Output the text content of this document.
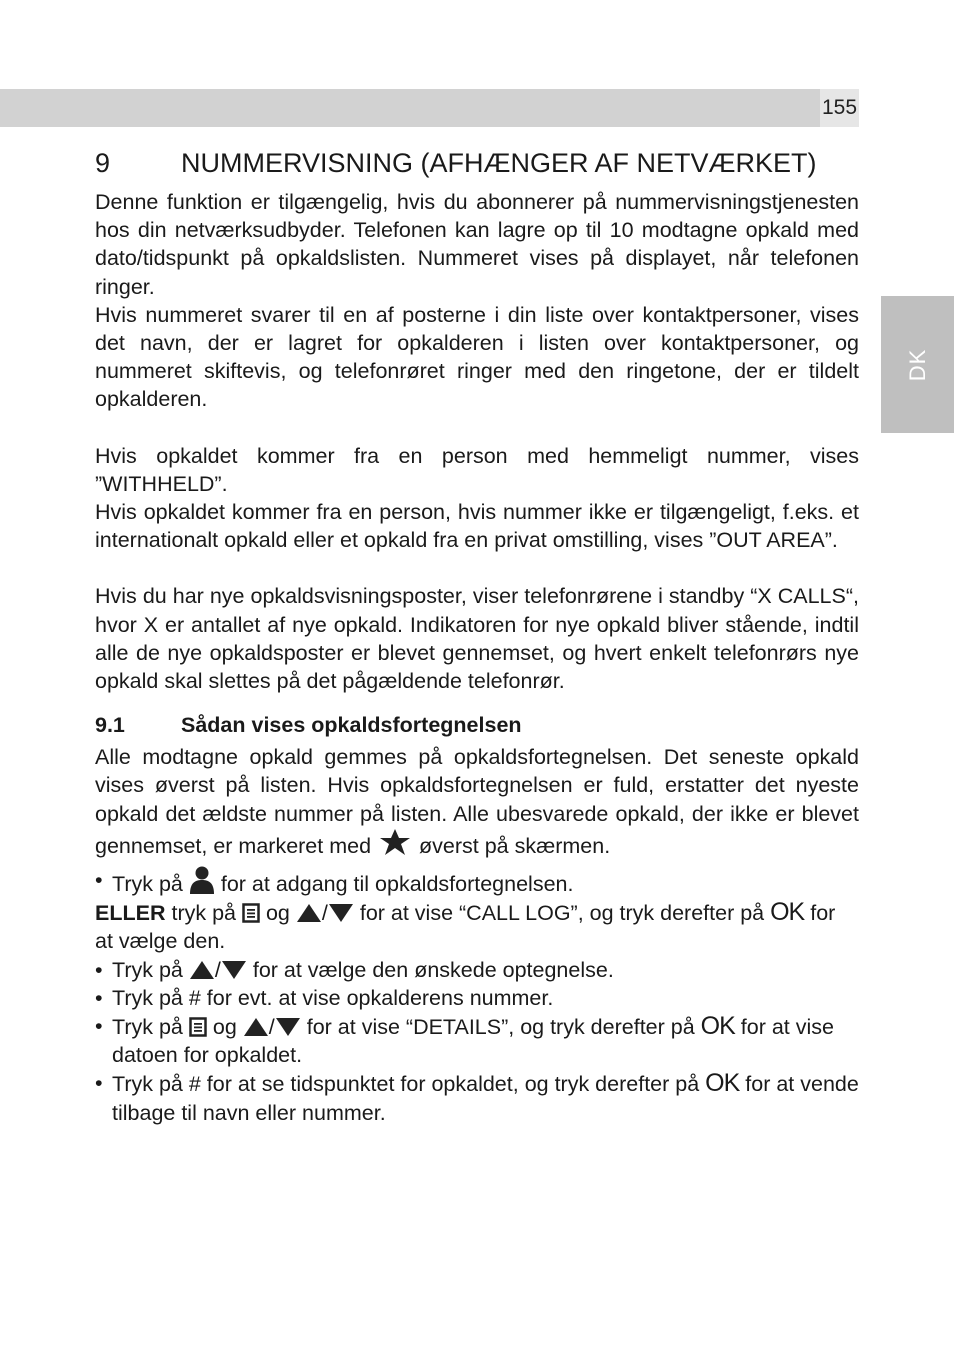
155
DK
9	NUMMERVISNING (AFHÆNGER AF NETVÆRKET)

Denne funktion er tilgængelig, hvis du abonnerer på nummervisningstjenesten hos din netværksudbyder. Telefonen kan lagre op til 10 modtagne opkald med dato/tidspunkt på opkaldslisten. Nummeret vises på displayet, når telefonen ringer.

Hvis nummeret svarer til en af posterne i din liste over kontaktpersoner, vises det navn, der er lagret for opkalderen i listen over kontaktpersoner, og nummeret skiftevis, og telefonrøret ringer med den ringetone, der er tildelt opkalderen.

Hvis opkaldet kommer fra en person med hemmeligt nummer, vises ”WITHHELD”.

Hvis opkaldet kommer fra en person, hvis nummer ikke er tilgængeligt, f.eks. et internationalt opkald eller et opkald fra en privat omstilling, vises ”OUT AREA”.

Hvis du har nye opkaldsvisningsposter, viser telefonrørene i standby “X CALLS“, hvor X er antallet af nye opkald. Indikatoren for nye opkald bliver stående, indtil alle de nye opkaldsposter er blevet gennemset, og hvert enkelt telefonrørs nye opkald skal slettes på det pågældende telefonrør.

9.1	Sådan vises opkaldsfortegnelsen

Alle modtagne opkald gemmes på opkaldsfortegnelsen. Det seneste opkald vises øverst på listen. Hvis opkaldsfortegnelsen er fuld, erstatter det nyeste opkald det ældste nummer på listen. Alle ubesvarede opkald, der ikke er blevet gennemset, er markeret med øverst på skærmen.

• Tryk på for at adgang til opkaldsfortegnelsen.
ELLER tryk på og / for at vise “CALL LOG”, og tryk derefter på OK for at vælge den.
• Tryk på / for at vælge den ønskede optegnelse.
• Tryk på # for evt. at vise opkalderens nummer.
• Tryk på og / for at vise “DETAILS”, og tryk derefter på OK for at vise datoen for opkaldet.
• Tryk på # for at se tidspunktet for opkaldet, og tryk derefter på OK for at vende tilbage til navn eller nummer.
